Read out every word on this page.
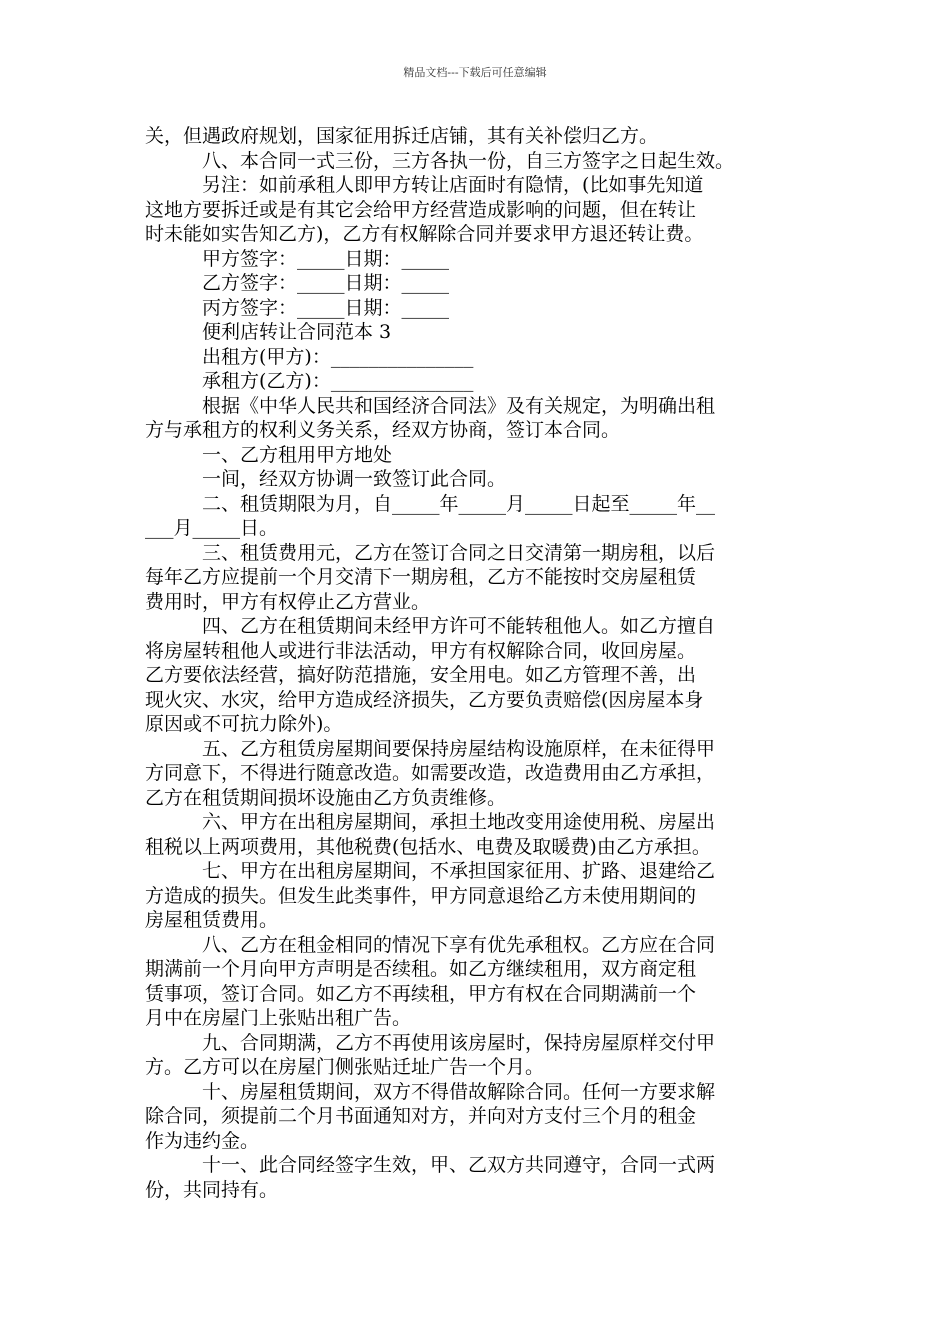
精品文档---下载后可任意编辑
关，但遇政府规划，国家征用拆迁店铺，其有关补偿归乙方。
八、本合同一式三份，三方各执一份，自三方签字之日起生效。
另注：如前承租人即甲方转让店面时有隐情，(比如事先知道
这地方要拆迁或是有其它会给甲方经营造成影响的问题，但在转让
时未能如实告知乙方)，乙方有权解除合同并要求甲方退还转让费。
甲方签字：_____日期：_____
乙方签字：_____日期：_____
丙方签字：_____日期：_____
便利店转让合同范本 3
出租方(甲方)：_______________
承租方(乙方)：_______________
根据《中华人民共和国经济合同法》及有关规定，为明确出租
方与承租方的权利义务关系，经双方协商，签订本合同。
一、乙方租用甲方地处
一间，经双方协调一致签订此合同。
二、租赁期限为月，自_____年_____月_____日起至_____年__
___月_____日。
三、租赁费用元，乙方在签订合同之日交清第一期房租，以后
每年乙方应提前一个月交清下一期房租，乙方不能按时交房屋租赁
费用时，甲方有权停止乙方营业。
四、乙方在租赁期间未经甲方许可不能转租他人。如乙方擅自
将房屋转租他人或进行非法活动，甲方有权解除合同，收回房屋。
乙方要依法经营，搞好防范措施，安全用电。如乙方管理不善，出
现火灾、水灾，给甲方造成经济损失，乙方要负责赔偿(因房屋本身
原因或不可抗力除外)。
五、乙方租赁房屋期间要保持房屋结构设施原样，在未征得甲
方同意下，不得进行随意改造。如需要改造，改造费用由乙方承担，
乙方在租赁期间损坏设施由乙方负责维修。
六、甲方在出租房屋期间，承担土地改变用途使用税、房屋出
租税以上两项费用，其他税费(包括水、电费及取暖费)由乙方承担。
七、甲方在出租房屋期间，不承担国家征用、扩路、退建给乙
方造成的损失。但发生此类事件，甲方同意退给乙方未使用期间的
房屋租赁费用。
八、乙方在租金相同的情况下享有优先承租权。乙方应在合同
期满前一个月向甲方声明是否续租。如乙方继续租用，双方商定租
赁事项，签订合同。如乙方不再续租，甲方有权在合同期满前一个
月中在房屋门上张贴出租广告。
九、合同期满，乙方不再使用该房屋时，保持房屋原样交付甲
方。乙方可以在房屋门侧张贴迁址广告一个月。
十、房屋租赁期间，双方不得借故解除合同。任何一方要求解
除合同，须提前二个月书面通知对方，并向对方支付三个月的租金
作为违约金。
十一、此合同经签字生效，甲、乙双方共同遵守，合同一式两
份，共同持有。
